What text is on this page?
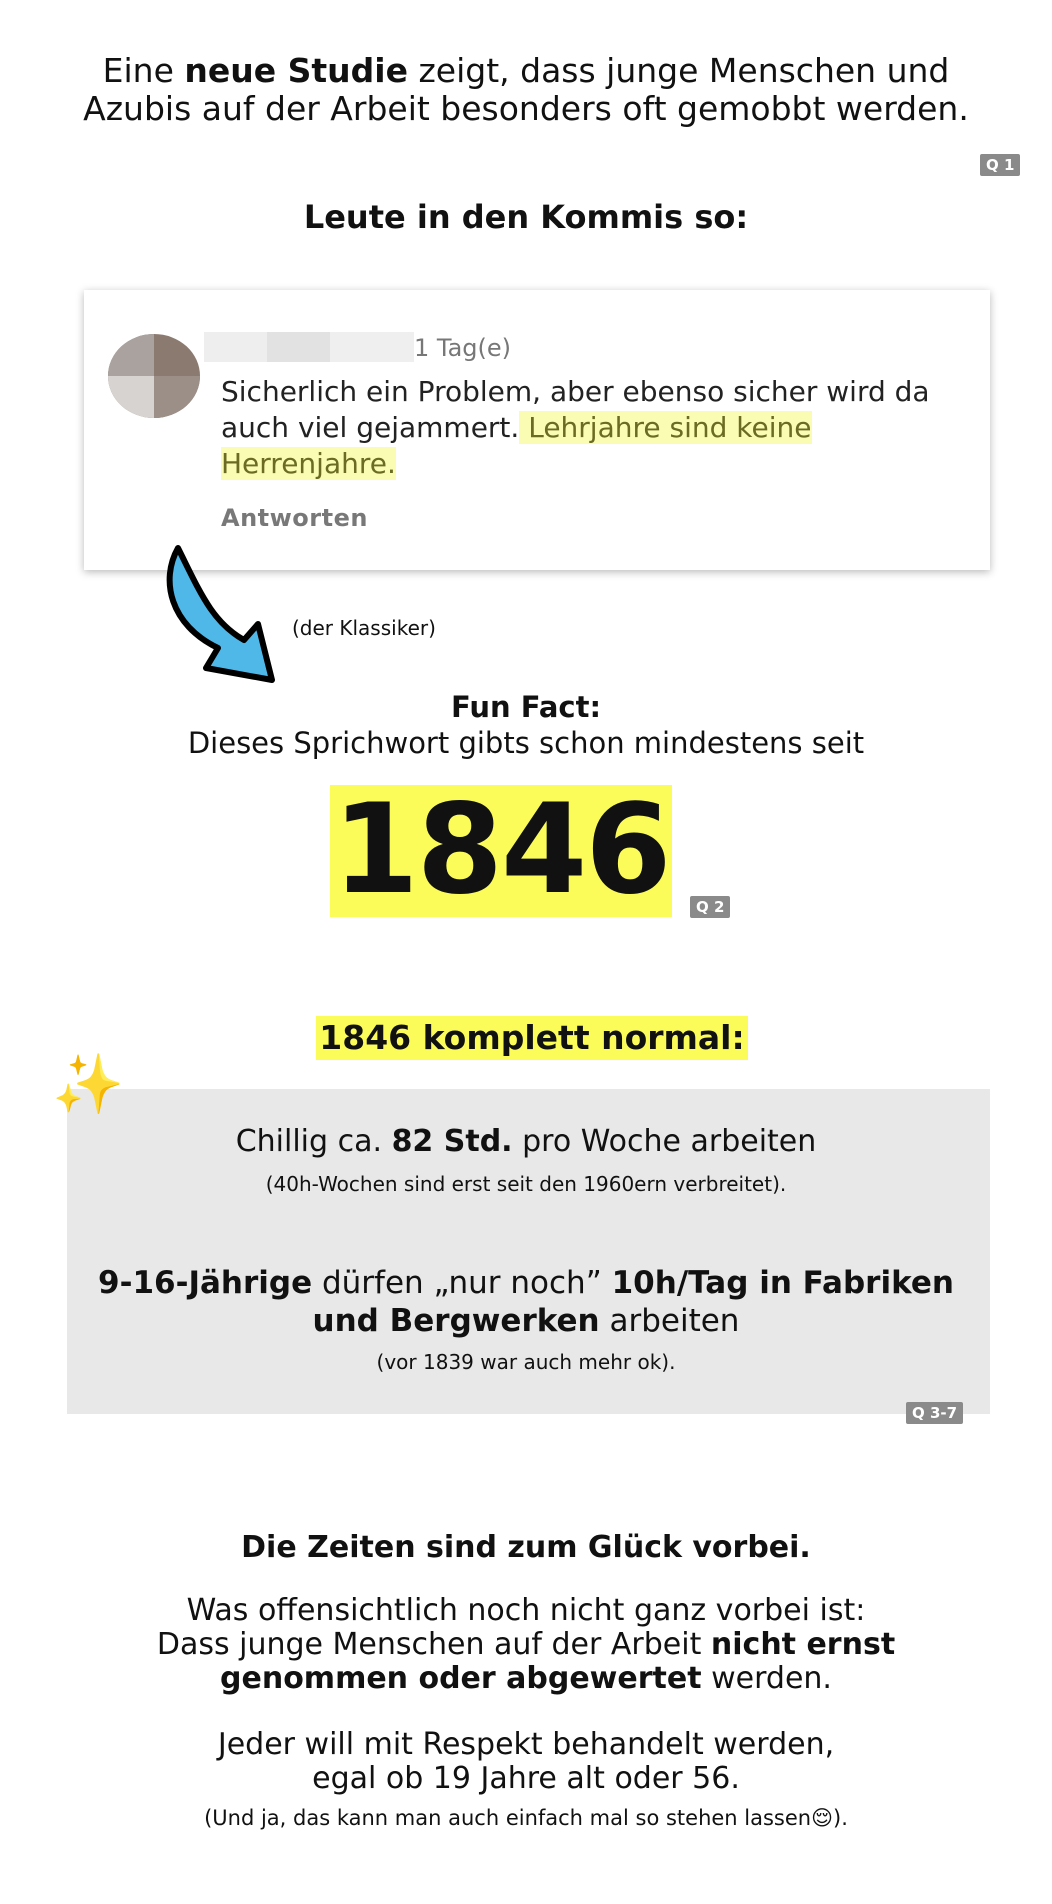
Eine neue Studie zeigt, dass junge Menschen und
Azubis auf der Arbeit besonders oft gemobbt werden.
Q 1
Leute in den Kommis so:
1 Tag(e)
Sicherlich ein Problem, aber ebenso sicher wird da auch viel gejammert. Lehrjahre sind keine Herrenjahre.
Antworten
(der Klassiker)
Fun Fact:
Dieses Sprichwort gibts schon mindestens seit
1846	Q 2
1846 komplett normal:
✨
Chillig ca. 82 Std. pro Woche arbeiten
(40h-Wochen sind erst seit den 1960ern verbreitet).
9-16-Jährige dürfen „nur noch” 10h/Tag in Fabriken
und Bergwerken arbeiten
(vor 1839 war auch mehr ok).
Q 3-7
Die Zeiten sind zum Glück vorbei.
Was offensichtlich noch nicht ganz vorbei ist:
Dass junge Menschen auf der Arbeit nicht ernst
genommen oder abgewertet werden.
Jeder will mit Respekt behandelt werden,
egal ob 19 Jahre alt oder 56.
(Und ja, das kann man auch einfach mal so stehen lassen😌).
